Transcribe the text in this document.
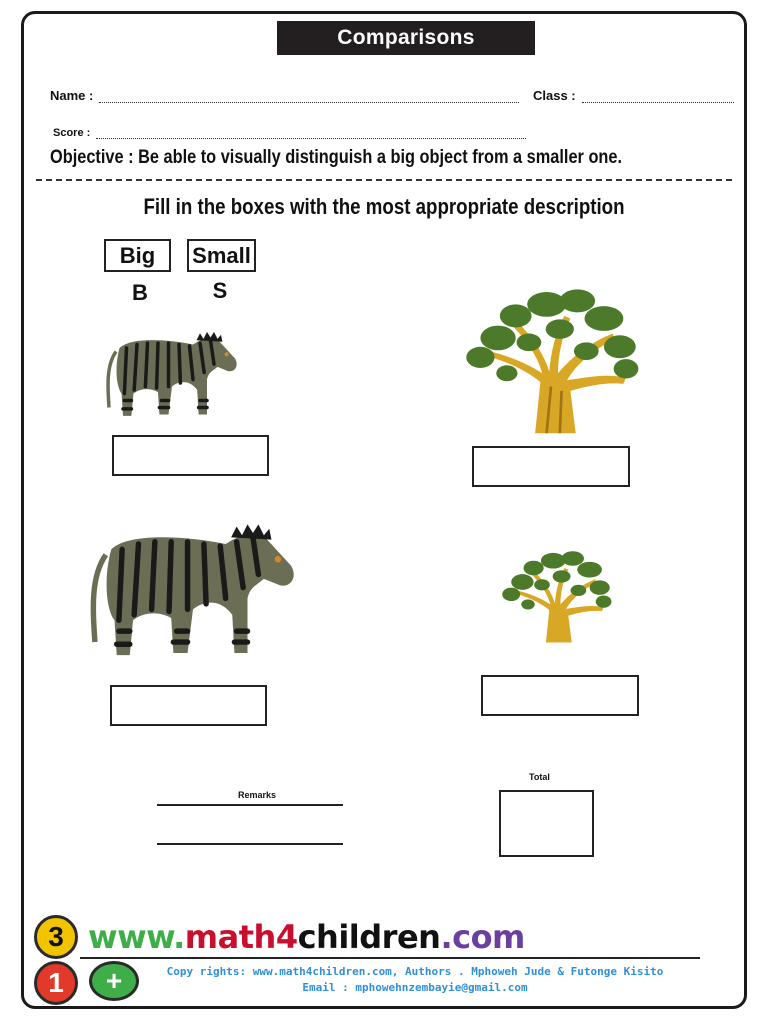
Comparisons
Name :	Class :
Score :
Objective : Be able to visually distinguish a big object from a smaller one.
Fill in the boxes with the most appropriate description
Big Small
B	S
Remarks
Total
3
1 +
www.math4children.com
Copy rights: www.math4children.com, Authors . Mphoweh Jude & Futonge Kisito
Email : mphowehnzembayie@gmail.com
